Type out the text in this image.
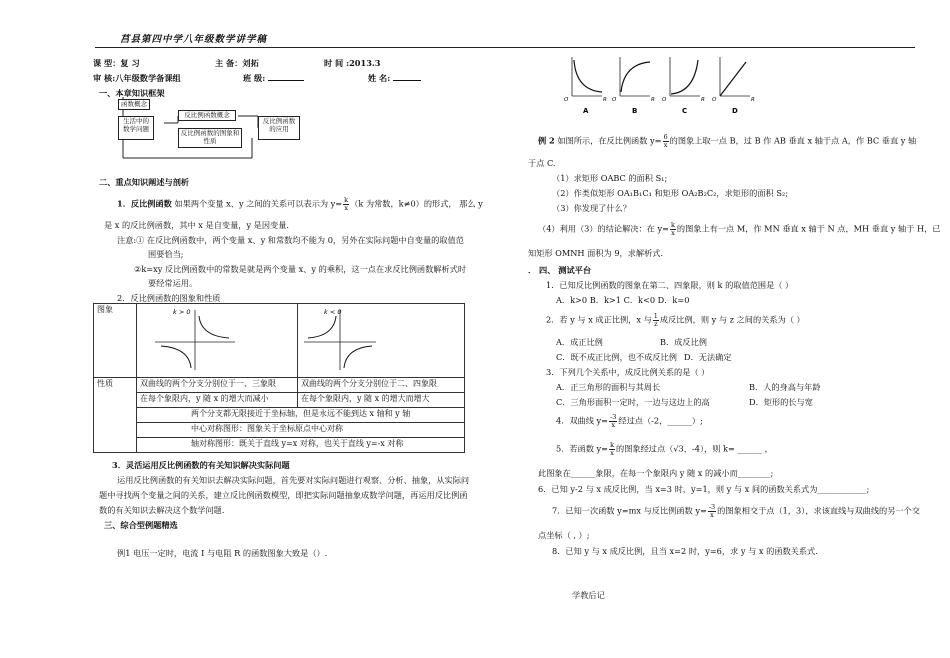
莒县第四中学八年级数学讲学稿
课 型：复 习	主 备：刘拓	时 间 :2013.3
审 核:八年级数学备课组	班 级:	姓 名:
一、本章知识框架
函数概念
生活中的数学问题
反比例函数概念
反比例函数的图象和性质
反比例函数的应用
二、重点知识阐述与剖析
1．反比例函数 如果两个变量 x、y 之间的关系可以表示为 $y= \frac{k}{x} (k$ 为常数，k≠0）的形式， 那么 y
是 x 的反比例函数，其中 x 是自变量，y 是因变量.
注意:① 在反比例函数中，两个变量 x、y 和常数均不能为 0，另外在实际问题中自变量的取值范
围要恰当;
②k=xy 反比例函数中的常数是就是两个变量 x、y 的乘积，这一点在求反比例函数解析式时
要经常运用。
2．反比例函数的图象和性质
图象	k > 0	k < 0

性质	双曲线的两个分支分别位于一、三象限	双曲线的两个分支分别位于二、四象限
	在每个象限内，y 随 x 的增大而减小	在每个象限内，y 随 x 的增大而增大
	两个分支都无限接近于坐标轴，但是永远不能到达 x 轴和 y 轴	
	中心对称图形：图象关于坐标原点中心对称	
	轴对称图形：既关于直线 y=x 对称，也关于直线 y=-x 对称	
3．灵活运用反比例函数的有关知识解决实际问题
运用反比例函数的有关知识去解决实际问题，首先要对实际问题进行观察、分析、抽象，从实际问
题中寻找两个变量之间的关系，建立反比例函数模型，即把实际问题抽象成数学问题，再运用反比例函
数的有关知识去解决这个数学问题.
三、综合型例题精选
例1 电压一定时，电流 I 与电阻 R 的函数图象大致是（）.
O	R
A
O	R
B
O	R
C
O	R
D
例 2 如图所示，在反比例函数 $y= \frac{6}{x}$ 的图象上取一点 B，过 B 作 AB 垂直 x 轴于点 A，作 BC 垂直 y 轴
于点 C.
（1）求矩形 OABC 的面积 S₁;
（2）作类似矩形 OA₁B₁C₁ 和矩形 OA₂B₂C₂，求矩形的面积 S₂;
（3）你发现了什么？
（4）利用（3）的结论解决：在 $y= \frac{k}{x}$ 的图象上有一点 M，作 MN 垂直 x 轴于 N 点，MH 垂直 y 轴于 H，已
知矩形 OMNH 面积为 9，求解析式.
． 四、 测试平台
1．已知反比例函数的图象在第二、四象限，则 k 的取值范围是（ ）
A．k>0 B．k>1 C．k<0 D．k=0
2．若 y 与 x 成正比例，x 与 $\frac{1}{z}$ 成反比例，则 y 与 z 之间的关系为（ ）
A．成正比例	B．成反比例
C．既不成正比例，也不成反比例 D．无法确定
3．下列几个关系中，成反比例关系的是（ ）
A．正三角形的面积与其周长	B．人的身高与年龄
C．三角形面积一定时，一边与这边上的高	D．矩形的长与宽
4．双曲线 $y= \frac{-3}{x}$ 经过点（-2，______）;
5．若函数 $y= \frac{k}{x}$ 的图象经过点（√3，-4），则 k= ______ ，
此图象在______象限，在每一个象限内 y 随 x 的减小而________;
6．已知 y-2 与 x 成反比例，当 x=3 时，y=1，则 y 与 x 间的函数关系式为____________;
7．已知一次函数 y=mx 与反比例函数 $y= \frac{-3}{x}$ 的图象相交于点（1，3），求该直线与双曲线的另一个交
点坐标（ , ）;
8．已知 y 与 x 成反比例，且当 x=2 时，y=6，求 y 与 x 的函数关系式.
学教后记
